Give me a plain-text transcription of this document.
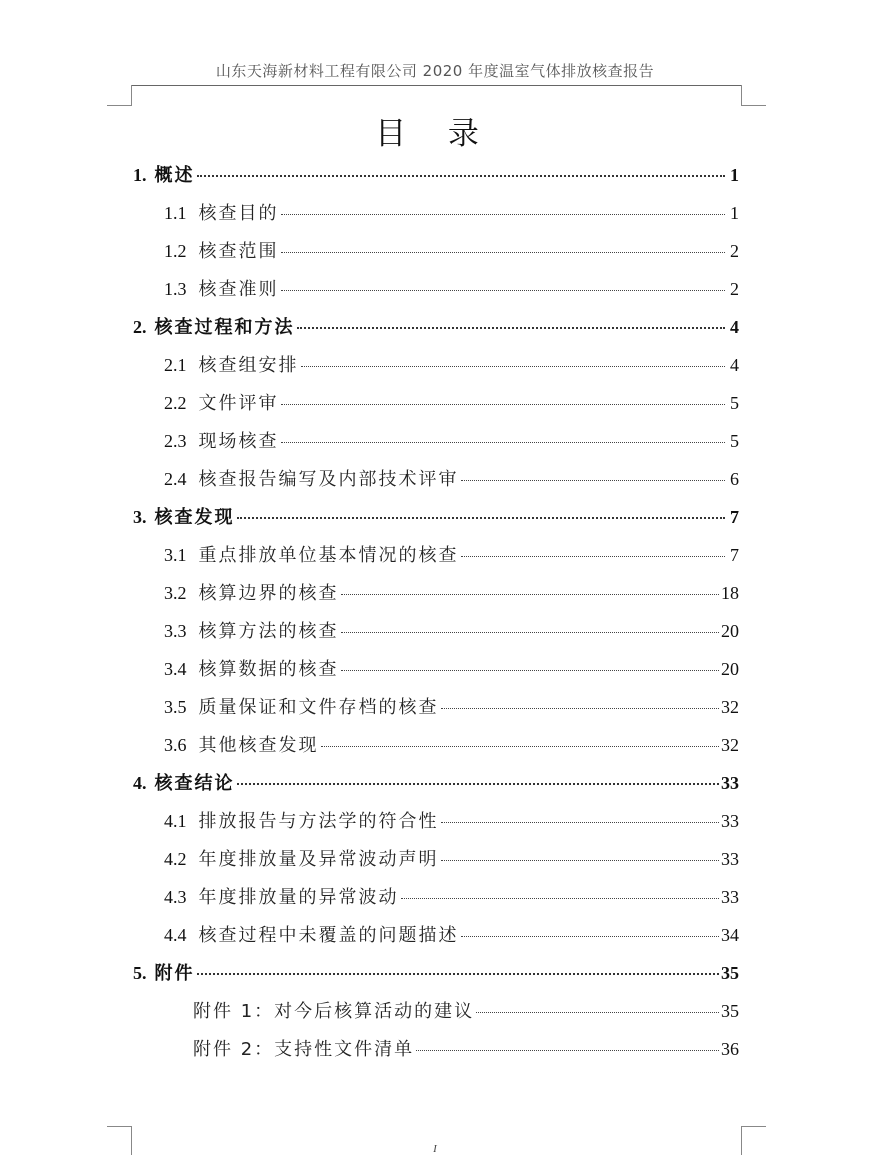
山东天海新材料工程有限公司 2020 年度温室气体排放核查报告
目 录
1. 概述	1
1.1 核查目的	1
1.2 核查范围	2
1.3 核查准则	2
2. 核查过程和方法	4
2.1 核查组安排	4
2.2 文件评审	5
2.3 现场核查	5
2.4 核查报告编写及内部技术评审	6
3. 核查发现	7
3.1 重点排放单位基本情况的核查	7
3.2 核算边界的核查	18
3.3 核算方法的核查	20
3.4 核算数据的核查	20
3.5 质量保证和文件存档的核查	32
3.6 其他核查发现	32
4. 核查结论	33
4.1 排放报告与方法学的符合性	33
4.2 年度排放量及异常波动声明	33
4.3 年度排放量的异常波动	33
4.4 核查过程中未覆盖的问题描述	34
5. 附件	35
附件 1：对今后核算活动的建议	35
附件 2：支持性文件清单	36
I
